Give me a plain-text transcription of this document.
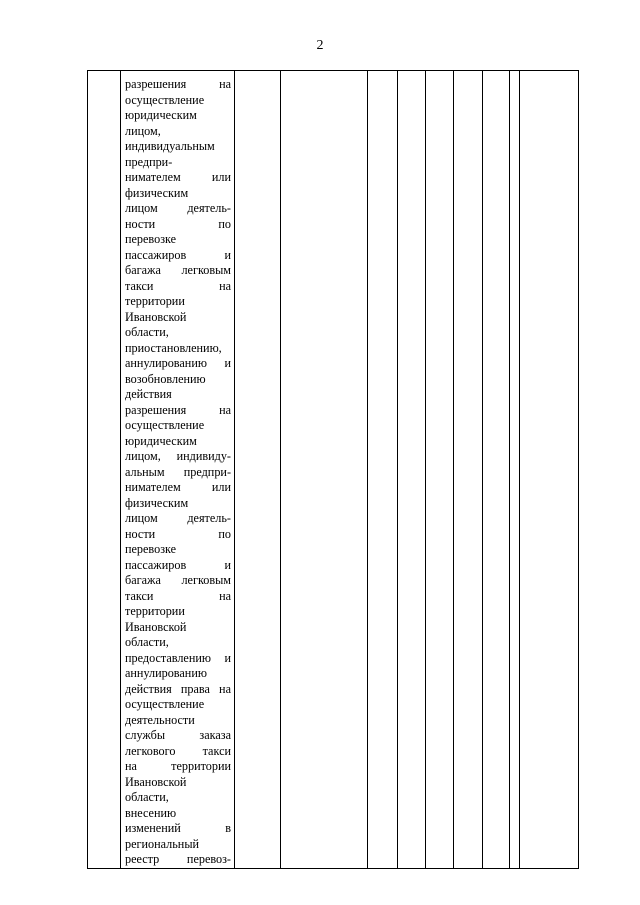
2

разрешения	на
осуществление
юридическим
лицом,
индивидуальным
предпри-
нимателем	или
физическим
лицом деятель-
ности	по
перевозке
пассажиров	и
багажа легковым
такси	на
территории
Ивановской
области,
приостановлению,
аннулированию и
возобновлению
действия
разрешения	на
осуществление
юридическим
лицом, индивиду-
альным предпри-
нимателем	или
физическим
лицом деятель-
ности	по
перевозке
пассажиров	и
багажа легковым
такси	на
территории
Ивановской
области,
предоставлению и
аннулированию
действия права на
осуществление
деятельности
службы	заказа
легкового такси
на	территории
Ивановской
области,
внесению
изменений	в
региональный
реестр перевоз-
